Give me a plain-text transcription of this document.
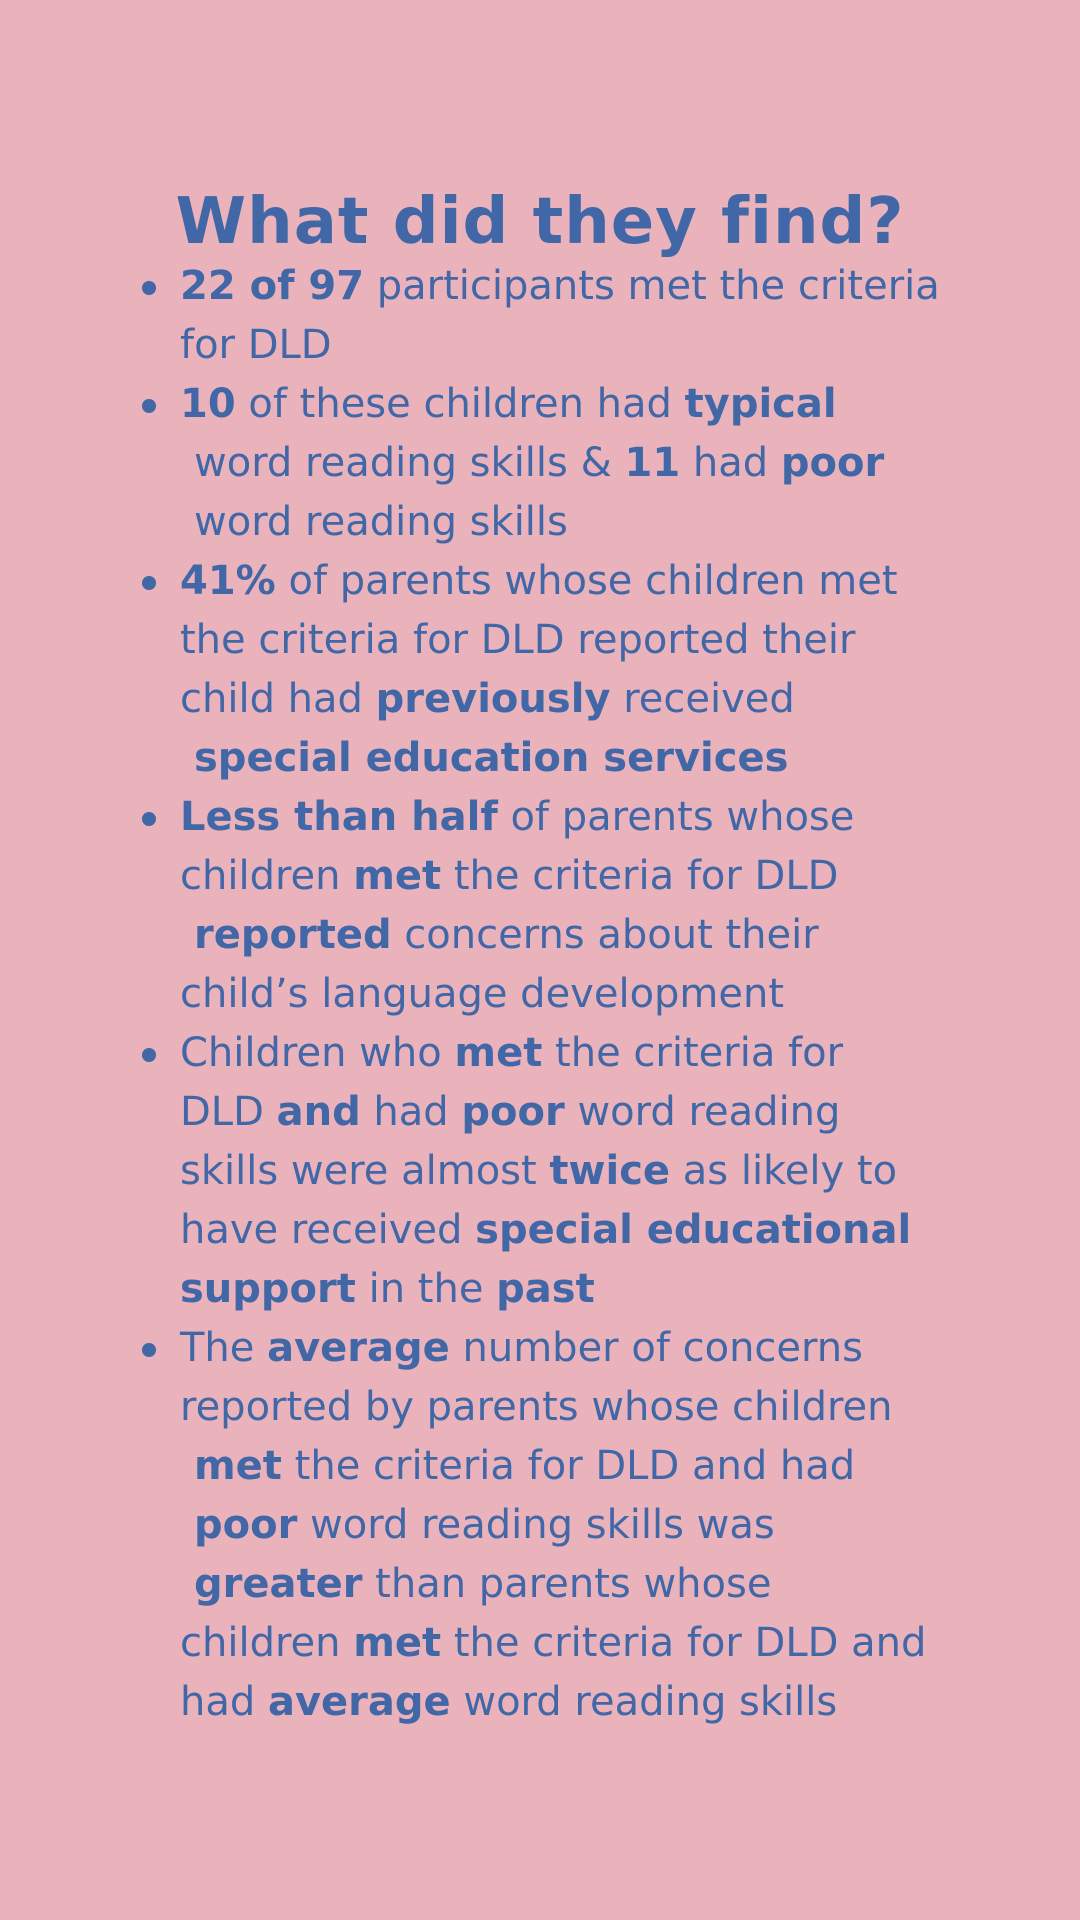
What did they find?
22 of 97 participants met the criteria
for DLD
10 of these children had typical
word reading skills & 11 had poor
word reading skills
41% of parents whose children met
the criteria for DLD reported their
child had previously received
special education services
Less than half of parents whose
children met the criteria for DLD
reported concerns about their
child’s language development
Children who met the criteria for
DLD and had poor word reading
skills were almost twice as likely to
have received special educational
support in the past
The average number of concerns
reported by parents whose children
met the criteria for DLD and had
poor word reading skills was
greater than parents whose
children met the criteria for DLD and
had average word reading skills
